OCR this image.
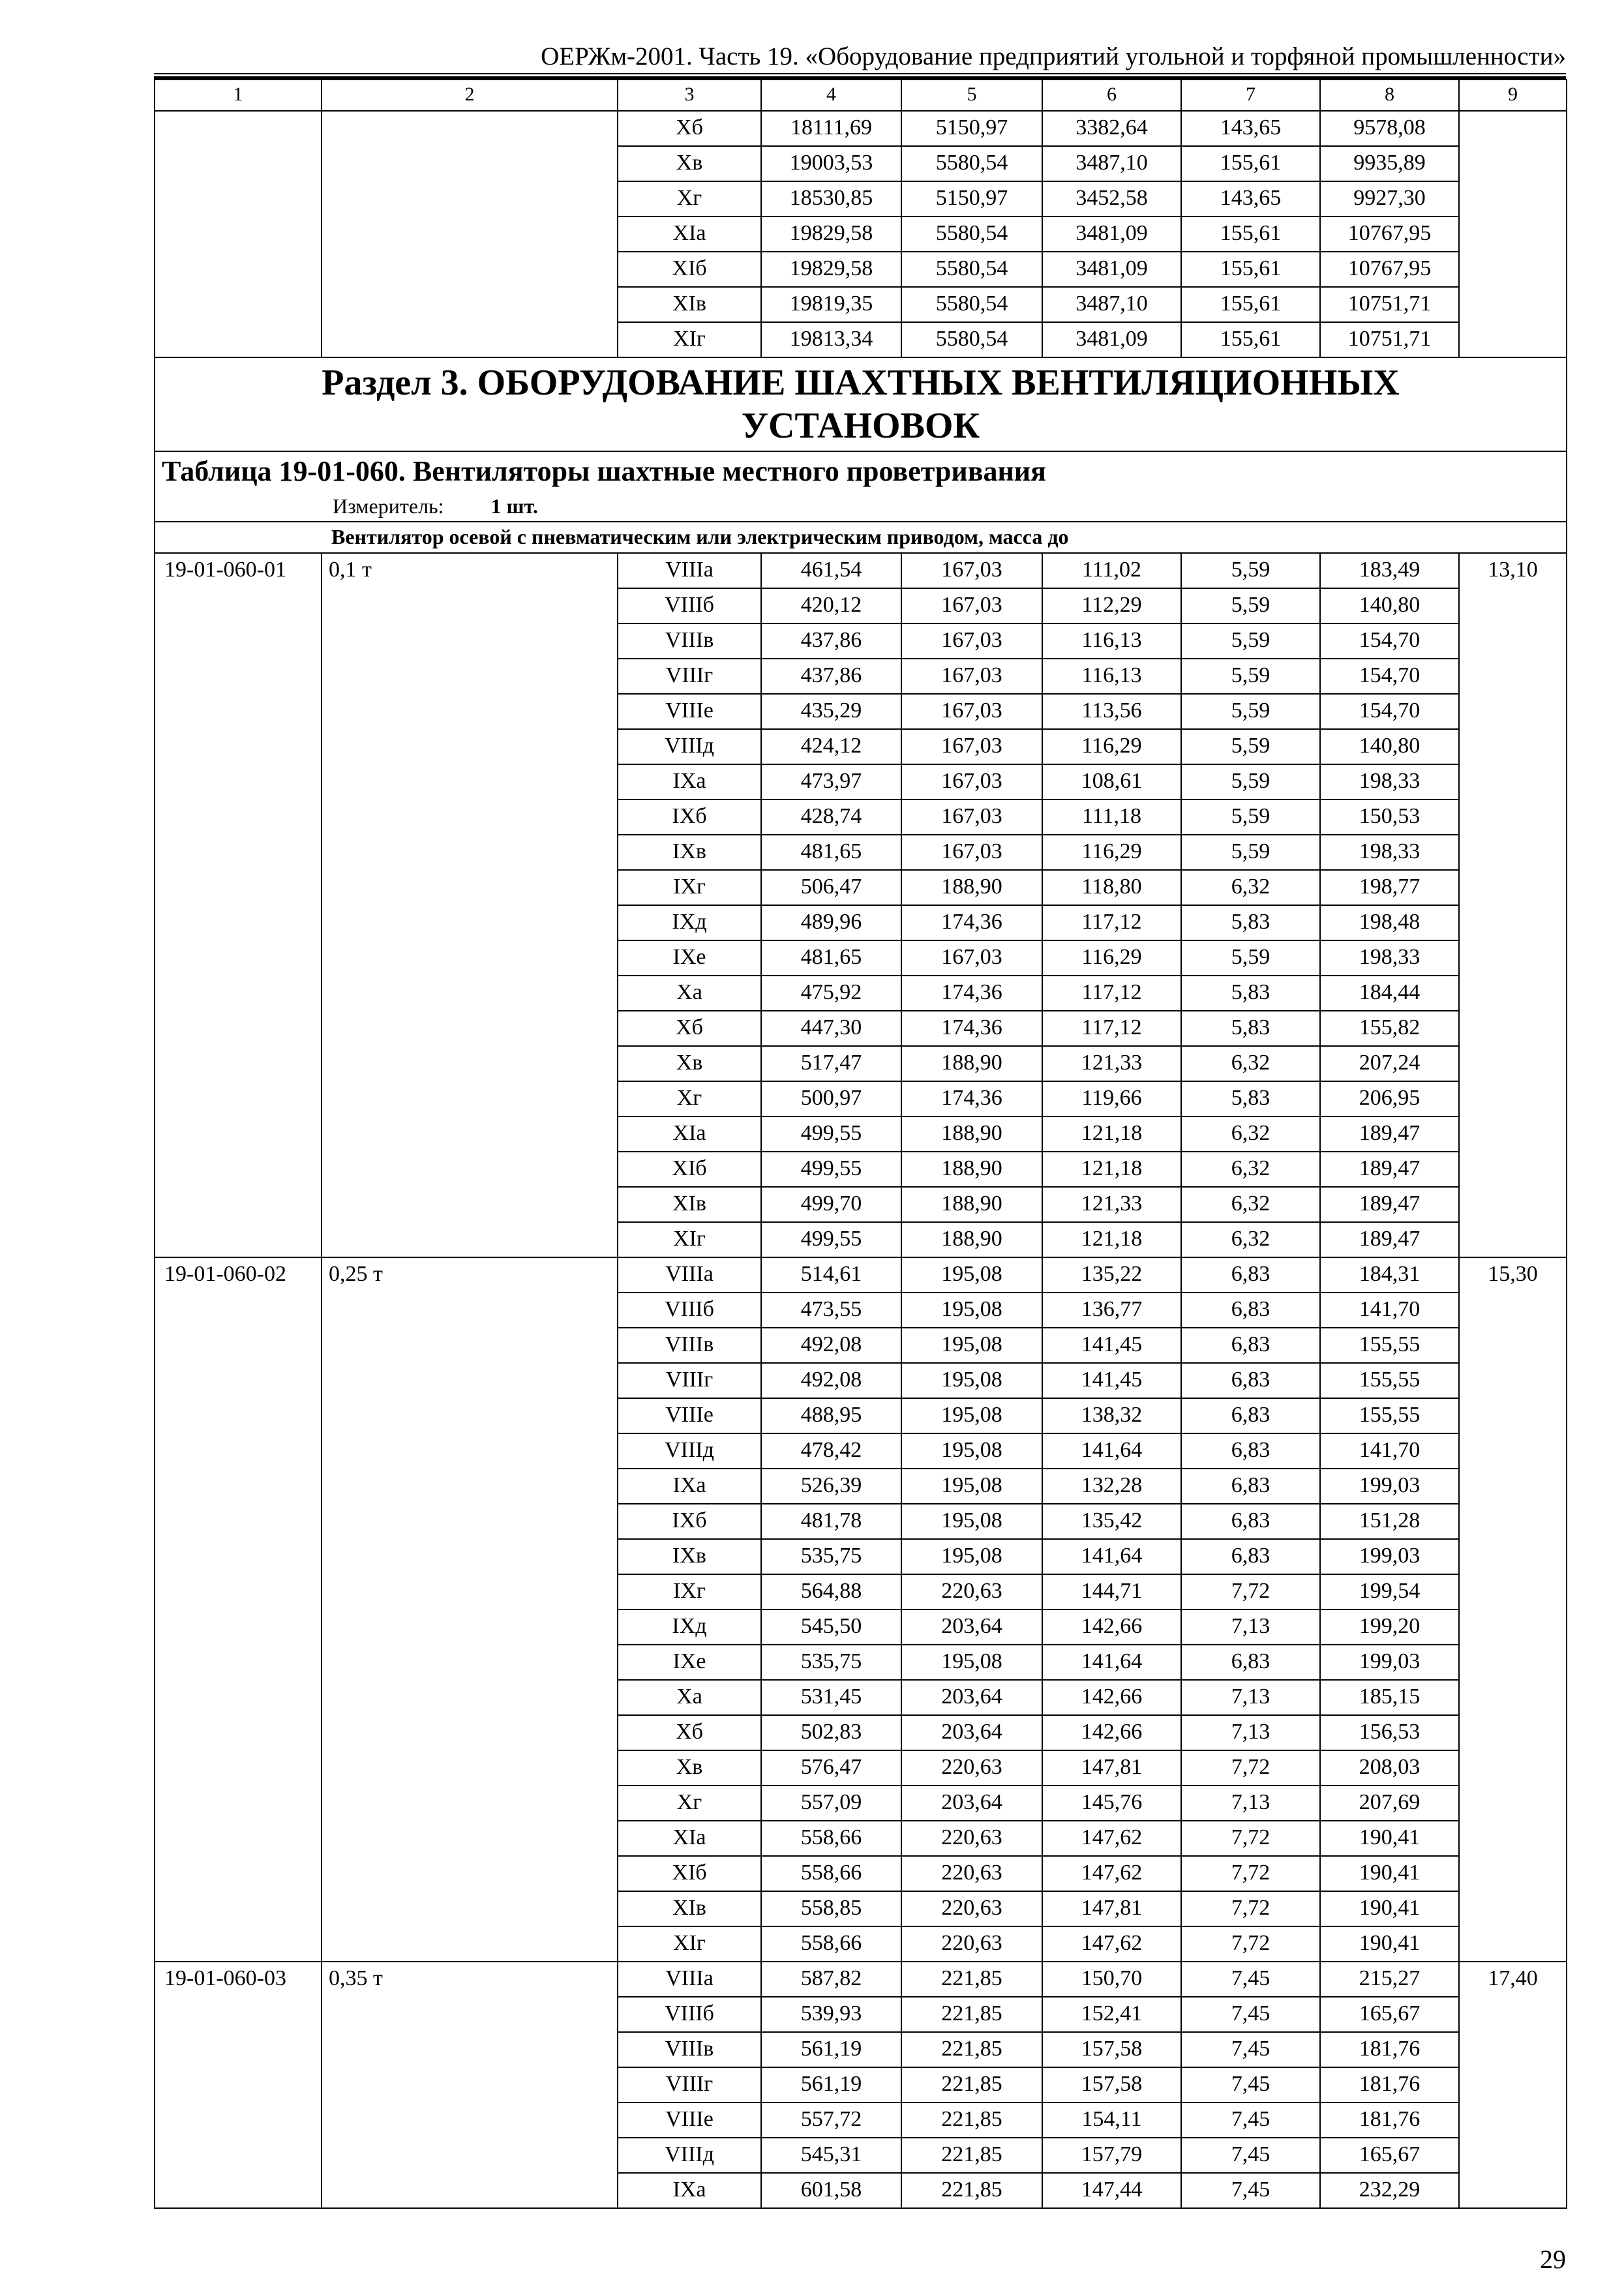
ОЕРЖм-2001. Часть 19. «Оборудование предприятий угольной и торфяной промышленности»
1	2	3	4	5	6	7	8	9
		Хб	18111,69	5150,97	3382,64	143,65	9578,08	
		Хв	19003,53	5580,54	3487,10	155,61	9935,89	
		Хг	18530,85	5150,97	3452,58	143,65	9927,30	
		ХIа	19829,58	5580,54	3481,09	155,61	10767,95	
		ХIб	19829,58	5580,54	3481,09	155,61	10767,95	
		ХIв	19819,35	5580,54	3487,10	155,61	10751,71	
		ХIг	19813,34	5580,54	3481,09	155,61	10751,71	
Раздел 3. ОБОРУДОВАНИЕ ШАХТНЫХ ВЕНТИЛЯЦИОННЫХ УСТАНОВОК								

Таблица 19-01-060. Вентиляторы шахтные местного проветривания
Измеритель: 1 шт.								

Вентилятор осевой с пневматическим или электрическим приводом, масса до								
19-01-060-01	0,1 т	VIIIа	461,54	167,03	111,02	5,59	183,49	13,10
		VIIIб	420,12	167,03	112,29	5,59	140,80	
		VIIIв	437,86	167,03	116,13	5,59	154,70	
		VIIIг	437,86	167,03	116,13	5,59	154,70	
		VIIIе	435,29	167,03	113,56	5,59	154,70	
		VIIIд	424,12	167,03	116,29	5,59	140,80	
		IХа	473,97	167,03	108,61	5,59	198,33	
		IХб	428,74	167,03	111,18	5,59	150,53	
		IХв	481,65	167,03	116,29	5,59	198,33	
		IХг	506,47	188,90	118,80	6,32	198,77	
		IХд	489,96	174,36	117,12	5,83	198,48	
		IХе	481,65	167,03	116,29	5,59	198,33	
		Ха	475,92	174,36	117,12	5,83	184,44	
		Хб	447,30	174,36	117,12	5,83	155,82	
		Хв	517,47	188,90	121,33	6,32	207,24	
		Хг	500,97	174,36	119,66	5,83	206,95	
		ХIа	499,55	188,90	121,18	6,32	189,47	
		ХIб	499,55	188,90	121,18	6,32	189,47	
		ХIв	499,70	188,90	121,33	6,32	189,47	
		ХIг	499,55	188,90	121,18	6,32	189,47	
19-01-060-02	0,25 т	VIIIа	514,61	195,08	135,22	6,83	184,31	15,30
		VIIIб	473,55	195,08	136,77	6,83	141,70	
		VIIIв	492,08	195,08	141,45	6,83	155,55	
		VIIIг	492,08	195,08	141,45	6,83	155,55	
		VIIIе	488,95	195,08	138,32	6,83	155,55	
		VIIIд	478,42	195,08	141,64	6,83	141,70	
		IХа	526,39	195,08	132,28	6,83	199,03	
		IХб	481,78	195,08	135,42	6,83	151,28	
		IХв	535,75	195,08	141,64	6,83	199,03	
		IХг	564,88	220,63	144,71	7,72	199,54	
		IХд	545,50	203,64	142,66	7,13	199,20	
		IХе	535,75	195,08	141,64	6,83	199,03	
		Ха	531,45	203,64	142,66	7,13	185,15	
		Хб	502,83	203,64	142,66	7,13	156,53	
		Хв	576,47	220,63	147,81	7,72	208,03	
		Хг	557,09	203,64	145,76	7,13	207,69	
		ХIа	558,66	220,63	147,62	7,72	190,41	
		ХIб	558,66	220,63	147,62	7,72	190,41	
		ХIв	558,85	220,63	147,81	7,72	190,41	
		ХIг	558,66	220,63	147,62	7,72	190,41	
19-01-060-03	0,35 т	VIIIа	587,82	221,85	150,70	7,45	215,27	17,40
		VIIIб	539,93	221,85	152,41	7,45	165,67	
		VIIIв	561,19	221,85	157,58	7,45	181,76	
		VIIIг	561,19	221,85	157,58	7,45	181,76	
		VIIIе	557,72	221,85	154,11	7,45	181,76	
		VIIIд	545,31	221,85	157,79	7,45	165,67	
		IХа	601,58	221,85	147,44	7,45	232,29	
29
